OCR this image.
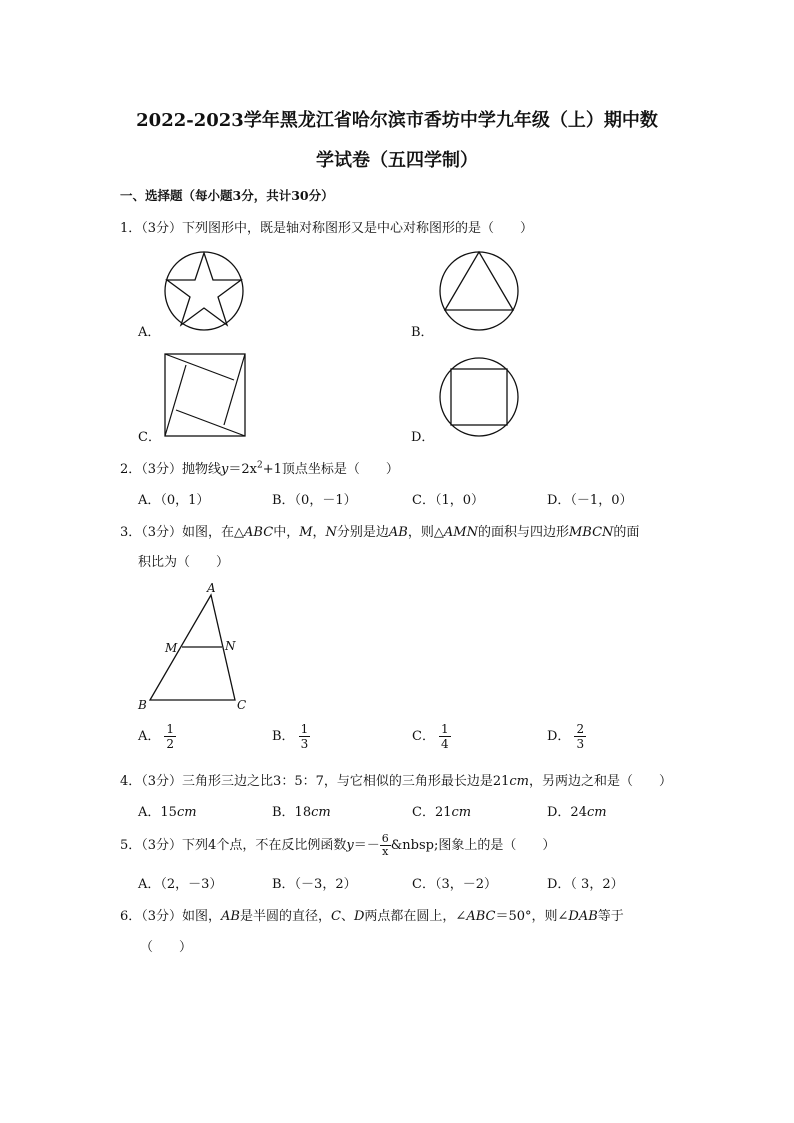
2022-2023学年黑龙江省哈尔滨市香坊中学九年级（上）期中数
学试卷（五四学制）
一、选择题（每小题3分，共计30分）
1．（3分）下列图形中，既是轴对称图形又是中心对称图形的是（　　）
A．	B．
C．	D．
2．（3分）抛物线$y=2x^2+1$顶点坐标是（　　）
A．（0，1）	B．（0，－1）	C．（1，0）	D．（－1，0）
3．（3分）如图，在△ABC中，M，N分别是边AB，则△AMN的面积与四边形MBCN的面
积比为（　　）
A
M	N
B	C
A． $\frac{1}{2}$	B． $\frac{1}{3}$	C． $\frac{1}{4}$	D． $\frac{2}{3}$
4．（3分）三角形三边之比3：5：7，与它相似的三角形最长边是21cm，另两边之和是（　　）
A．15cm	B．18cm	C．21cm	D．24cm
5．（3分）下列4个点，不在反比例函数$y=- \frac{6}{x}$ &nbsp;图象上的是（　　）
A．（2，－3）	B．（－3，2）	C．（3，－2）	D．（ 3，2）
6．（3分）如图，AB是半圆的直径，C、D两点都在圆上，∠ABC＝50°，则∠DAB等于
（　　）
